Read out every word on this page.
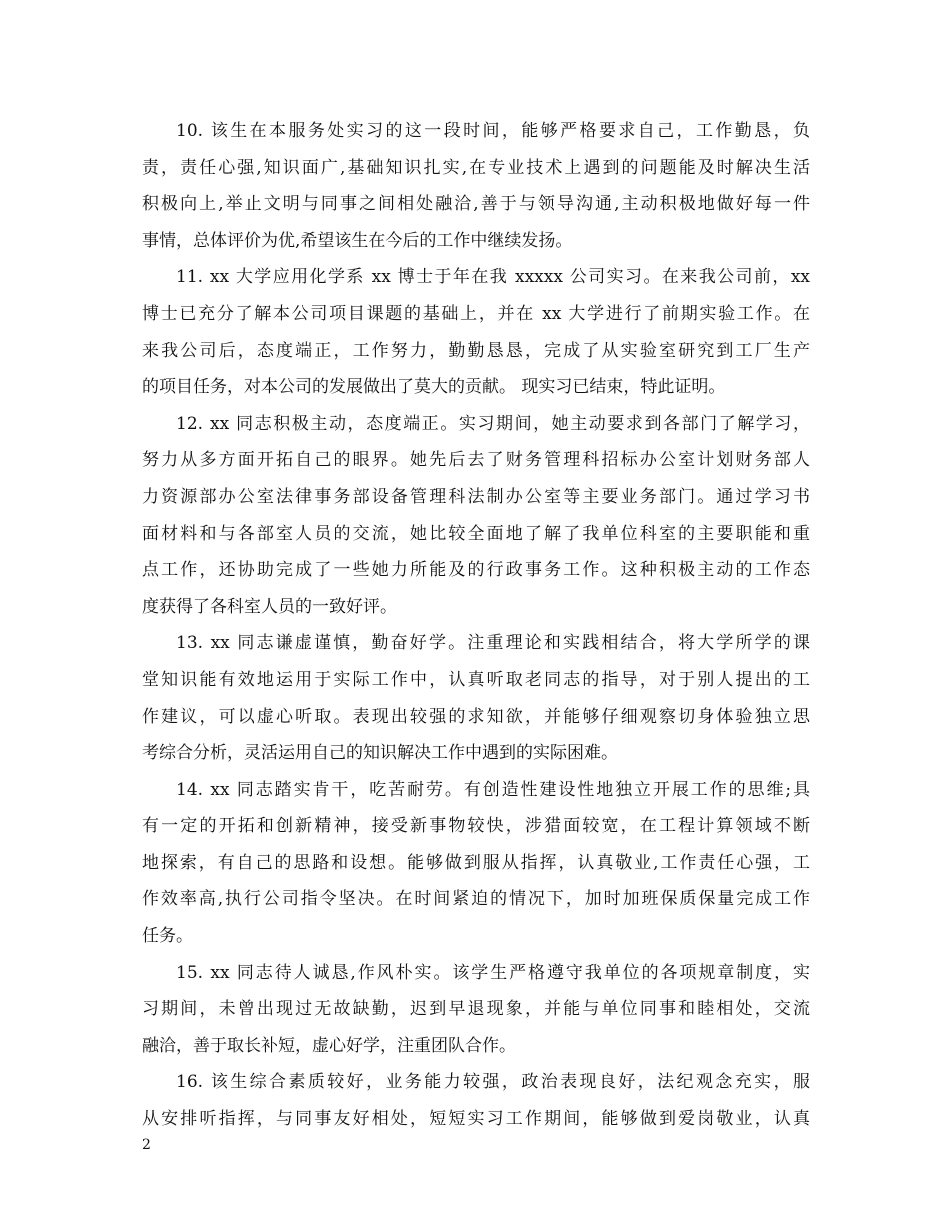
10. 该生在本服务处实习的这一段时间，能够严格要求自己，工作勤恳，负
责，责任心强,知识面广,基础知识扎实,在专业技术上遇到的问题能及时解决生活
积极向上,举止文明与同事之间相处融洽,善于与领导沟通,主动积极地做好每一件
事情，总体评价为优,希望该生在今后的工作中继续发扬。
11. xx 大学应用化学系 xx 博士于年在我 xxxxx 公司实习。在来我公司前，xx
博士已充分了解本公司项目课题的基础上，并在 xx 大学进行了前期实验工作。在
来我公司后，态度端正，工作努力，勤勤恳恳，完成了从实验室研究到工厂生产
的项目任务，对本公司的发展做出了莫大的贡献。 现实习已结束，特此证明。
12. xx 同志积极主动，态度端正。实习期间，她主动要求到各部门了解学习，
努力从多方面开拓自己的眼界。她先后去了财务管理科招标办公室计划财务部人
力资源部办公室法律事务部设备管理科法制办公室等主要业务部门。通过学习书
面材料和与各部室人员的交流，她比较全面地了解了我单位科室的主要职能和重
点工作，还协助完成了一些她力所能及的行政事务工作。这种积极主动的工作态
度获得了各科室人员的一致好评。
13. xx 同志谦虚谨慎，勤奋好学。注重理论和实践相结合，将大学所学的课
堂知识能有效地运用于实际工作中，认真听取老同志的指导，对于别人提出的工
作建议，可以虚心听取。表现出较强的求知欲，并能够仔细观察切身体验独立思
考综合分析，灵活运用自己的知识解决工作中遇到的实际困难。
14. xx 同志踏实肯干，吃苦耐劳。有创造性建设性地独立开展工作的思维;具
有一定的开拓和创新精神，接受新事物较快，涉猎面较宽，在工程计算领域不断
地探索，有自己的思路和设想。能够做到服从指挥，认真敬业,工作责任心强，工
作效率高,执行公司指令坚决。在时间紧迫的情况下，加时加班保质保量完成工作
任务。
15. xx 同志待人诚恳,作风朴实。该学生严格遵守我单位的各项规章制度，实
习期间，未曾出现过无故缺勤，迟到早退现象，并能与单位同事和睦相处，交流
融洽，善于取长补短，虚心好学，注重团队合作。
16. 该生综合素质较好，业务能力较强，政治表现良好，法纪观念充实，服
从安排听指挥，与同事友好相处，短短实习工作期间，能够做到爱岗敬业，认真
2
